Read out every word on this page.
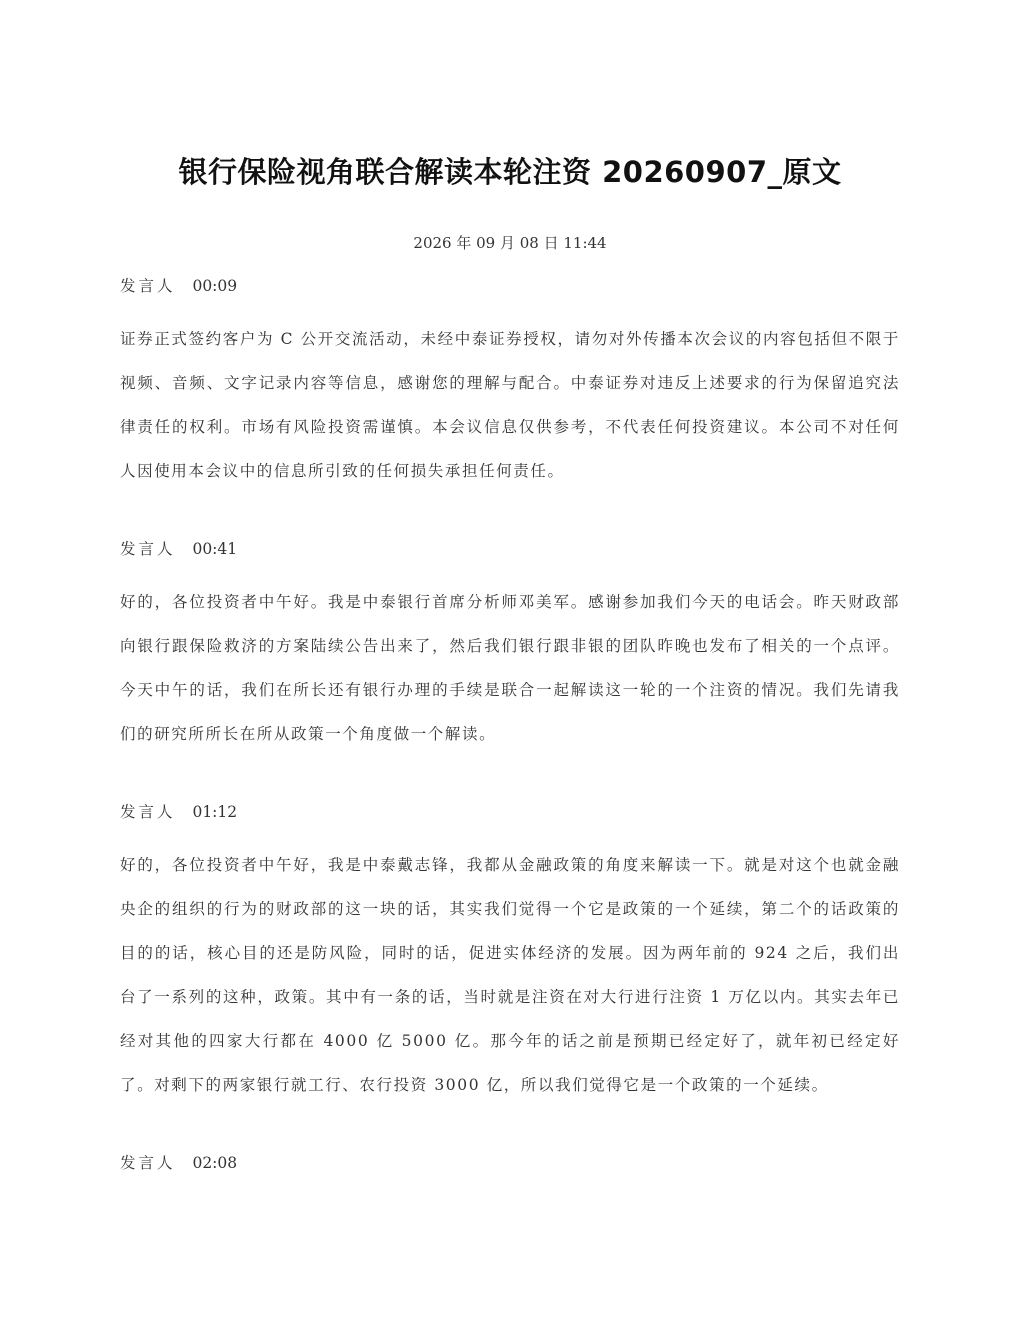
银行保险视角联合解读本轮注资 20260907_原文
2026 年 09 月 08 日 11:44
发言人 00:09
证券正式签约客户为 C 公开交流活动，未经中泰证券授权，请勿对外传播本次会议的内容包括但不限于视频、音频、文字记录内容等信息，感谢您的理解与配合。中泰证券对违反上述要求的行为保留追究法律责任的权利。市场有风险投资需谨慎。本会议信息仅供参考，不代表任何投资建议。本公司不对任何人因使用本会议中的信息所引致的任何损失承担任何责任。
发言人 00:41
好的，各位投资者中午好。我是中泰银行首席分析师邓美军。感谢参加我们今天的电话会。昨天财政部向银行跟保险救济的方案陆续公告出来了，然后我们银行跟非银的团队昨晚也发布了相关的一个点评。今天中午的话，我们在所长还有银行办理的手续是联合一起解读这一轮的一个注资的情况。我们先请我们的研究所所长在所从政策一个角度做一个解读。
发言人 01:12
好的，各位投资者中午好，我是中泰戴志锋，我都从金融政策的角度来解读一下。就是对这个也就金融央企的组织的行为的财政部的这一块的话，其实我们觉得一个它是政策的一个延续，第二个的话政策的目的的话，核心目的还是防风险，同时的话，促进实体经济的发展。因为两年前的 924 之后，我们出台了一系列的这种，政策。其中有一条的话，当时就是注资在对大行进行注资 1 万亿以内。其实去年已经对其他的四家大行都在 4000 亿 5000 亿。那今年的话之前是预期已经定好了，就年初已经定好了。对剩下的两家银行就工行、农行投资 3000 亿，所以我们觉得它是一个政策的一个延续。
发言人 02:08
